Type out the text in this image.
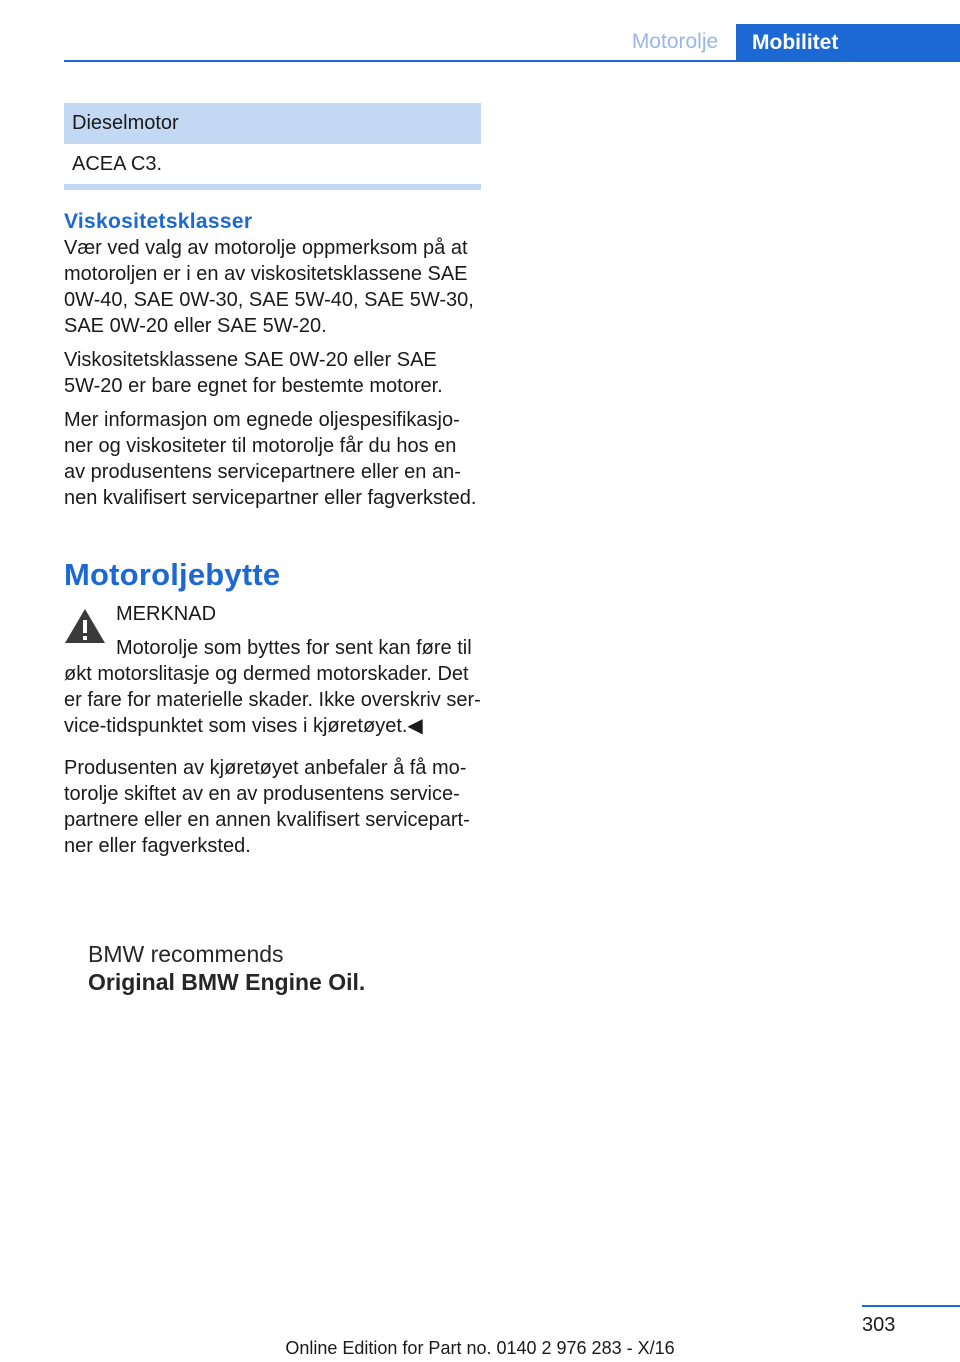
Motorolje	Mobilitet
Dieselmotor
ACEA C3.
Viskositetsklasser

Vær ved valg av motorolje oppmerksom på at
motoroljen er i en av viskositetsklassene SAE
0W-40, SAE 0W-30, SAE 5W-40, SAE 5W-30,
SAE 0W-20 eller SAE 5W-20.

Viskositetsklassene SAE 0W-20 eller SAE
5W-20 er bare egnet for bestemte motorer.

Mer informasjon om egnede oljespesifikasjo-
ner og viskositeter til motorolje får du hos en
av produsentens servicepartnere eller en an-
nen kvalifisert servicepartner eller fagverksted.

Motoroljebytte

MERKNAD

Motorolje som byttes for sent kan føre til
økt motorslitasje og dermed motorskader. Det
er fare for materielle skader. Ikke overskriv ser-
vice-tidspunktet som vises i kjøretøyet.◀

Produsenten av kjøretøyet anbefaler å få mo-
torolje skiftet av en av produsentens service-
partnere eller en annen kvalifisert servicepart-
ner eller fagverksted.

BMW recommends
Original BMW Engine Oil.
303
Online Edition for Part no. 0140 2 976 283 - X/16
